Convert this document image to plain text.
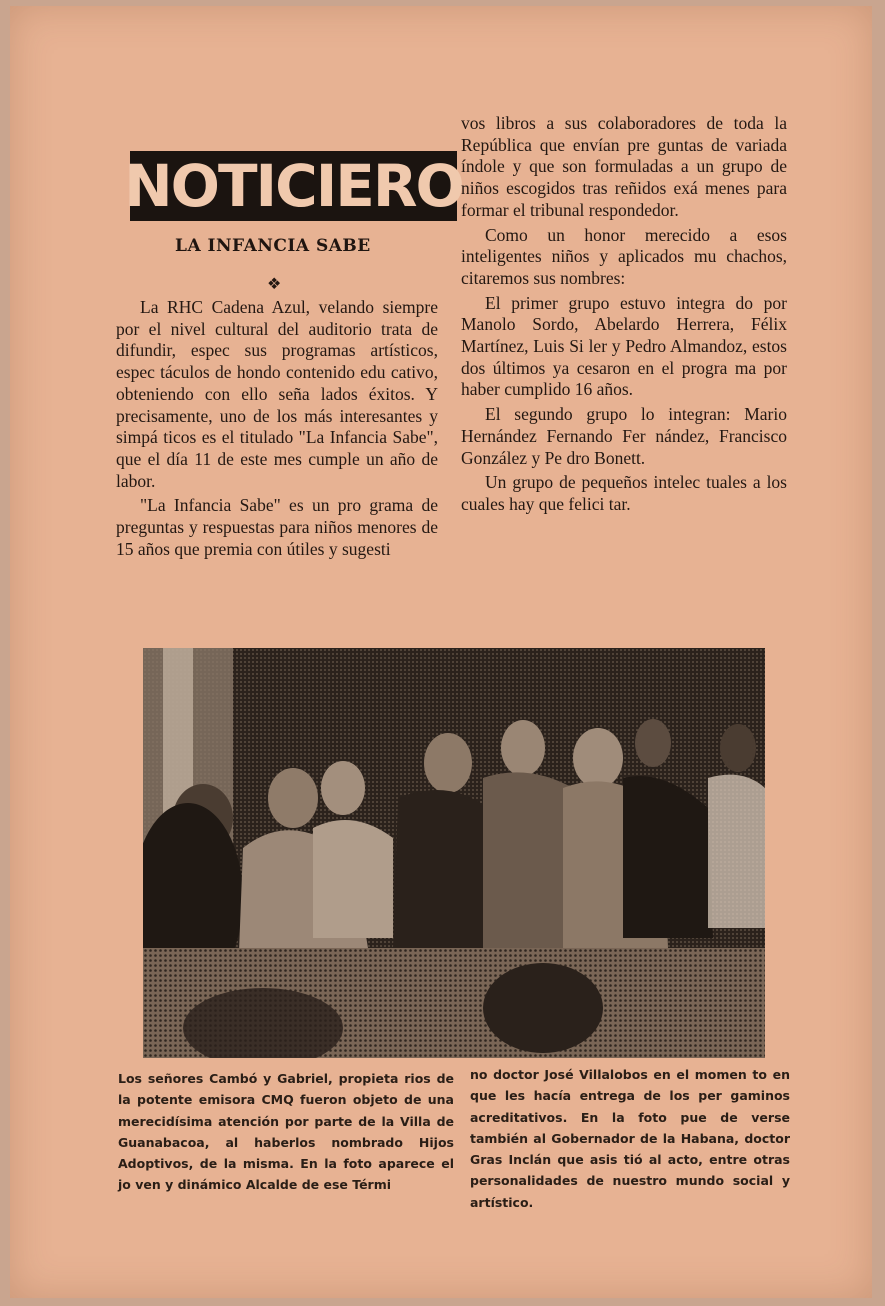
NOTICIERO
LA INFANCIA SABE
❖

La RHC Cadena Azul, velando siempre por el nivel cultural del auditorio trata de difundir, espec sus programas artísticos, espec táculos de hondo contenido edu cativo, obteniendo con ello seña lados éxitos. Y precisamente, uno de los más interesantes y simpá ticos es el titulado "La Infancia Sabe", que el día 11 de este mes cumple un año de labor.

"La Infancia Sabe" es un pro grama de preguntas y respuestas para niños menores de 15 años que premia con útiles y sugesti

vos libros a sus colaboradores de toda la República que envían pre guntas de variada índole y que son formuladas a un grupo de niños escogidos tras reñidos exá menes para formar el tribunal respondedor.

Como un honor merecido a esos inteligentes niños y aplicados mu chachos, citaremos sus nombres:

El primer grupo estuvo integra do por Manolo Sordo, Abelardo Herrera, Félix Martínez, Luis Si ler y Pedro Almandoz, estos dos últimos ya cesaron en el progra ma por haber cumplido 16 años.

El segundo grupo lo integran: Mario Hernández Fernando Fer nández, Francisco González y Pe dro Bonett.

Un grupo de pequeños intelec tuales a los cuales hay que felici tar.

Los señores Cambó y Gabriel, propieta rios de la potente emisora CMQ fueron objeto de una merecidísima atención por parte de la Villa de Guanabacoa, al haberlos nombrado Hijos Adoptivos, de la misma. En la foto aparece el jo ven y dinámico Alcalde de ese Térmi

no doctor José Villalobos en el momen to en que les hacía entrega de los per gaminos acreditativos. En la foto pue de verse también al Gobernador de la Habana, doctor Gras Inclán que asis tió al acto, entre otras personalidades de nuestro mundo social y artístico.
